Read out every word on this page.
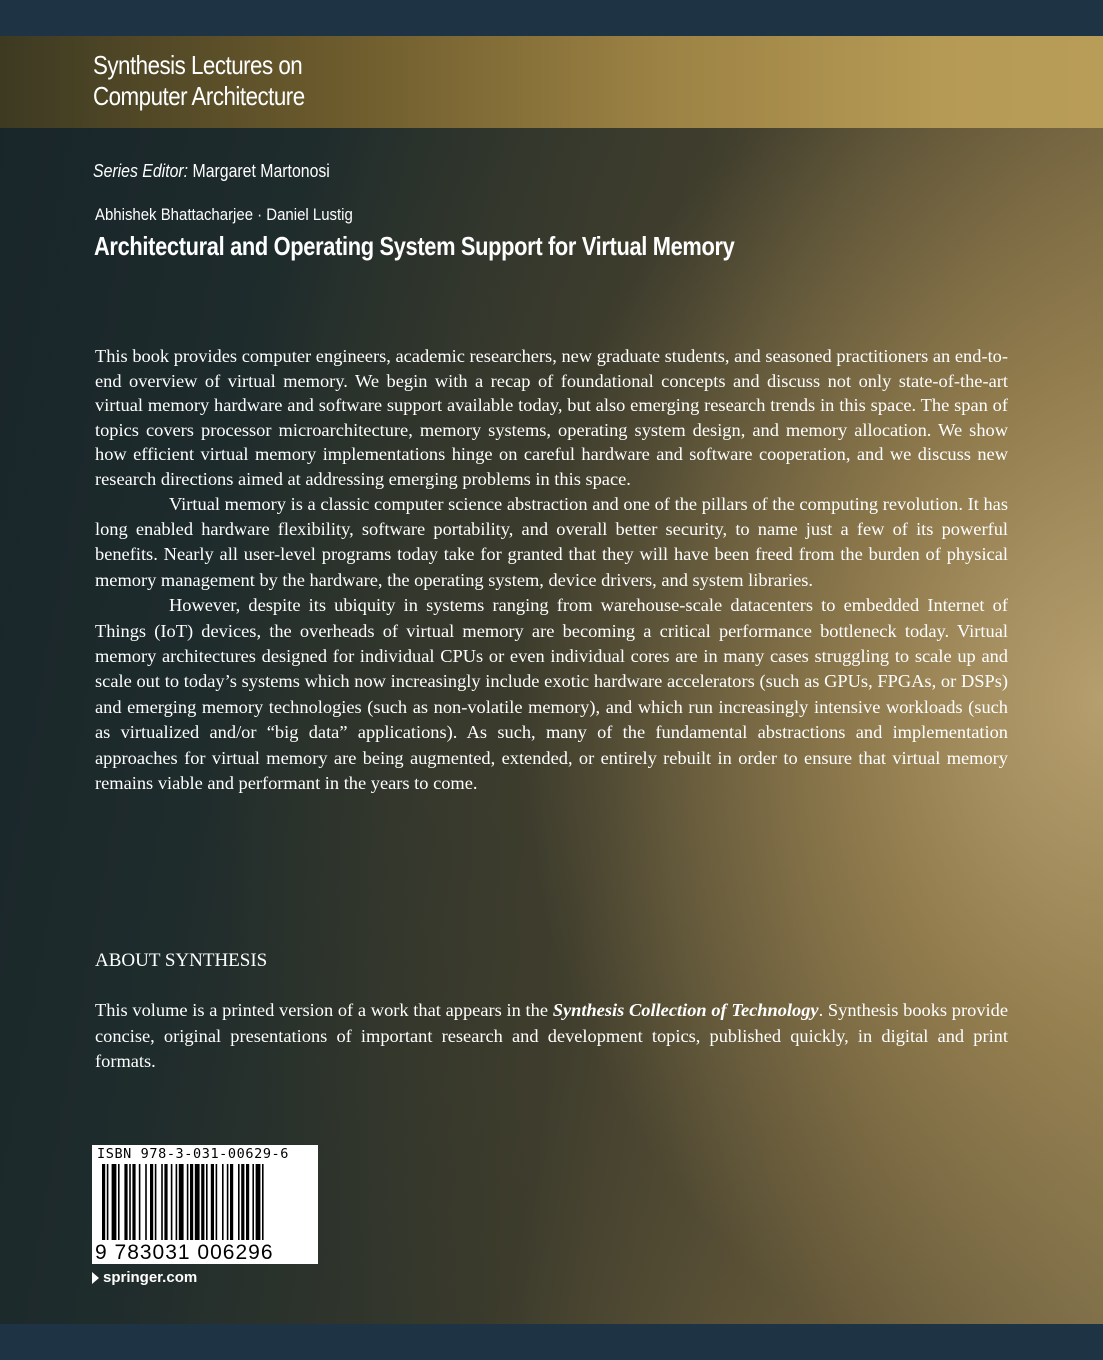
Synthesis Lectures on
Computer Architecture
Series Editor: Margaret Martonosi
Abhishek Bhattacharjee · Daniel Lustig
Architectural and Operating System Support for Virtual Memory

This book provides computer engineers, academic researchers, new graduate students, and seasoned practitioners an end-to-end overview of virtual memory. We begin with a recap of foundational concepts and discuss not only state-of-the-art virtual memory hardware and software support available today, but also emerging research trends in this space. The span of topics covers processor microarchitecture, memory systems, operating system design, and memory allocation. We show how efficient virtual memory implementations hinge on careful hardware and software cooperation, and we discuss new research directions aimed at addressing emerging problems in this space.

Virtual memory is a classic computer science abstraction and one of the pillars of the computing revolution. It has long enabled hardware flexibility, software portability, and overall better security, to name just a few of its powerful benefits. Nearly all user-level programs today take for granted that they will have been freed from the burden of physical memory management by the hardware, the operating system, device drivers, and system libraries.

However, despite its ubiquity in systems ranging from warehouse-scale datacenters to embedded Internet of Things (IoT) devices, the overheads of virtual memory are becoming a critical performance bottleneck today. Virtual memory architectures designed for individual CPUs or even individual cores are in many cases struggling to scale up and scale out to today’s systems which now increasingly include exotic hardware accelerators (such as GPUs, FPGAs, or DSPs) and emerging memory technologies (such as non-volatile memory), and which run increasingly intensive workloads (such as virtualized and/or “big data” applications). As such, many of the fundamental abstractions and implementation approaches for virtual memory are being augmented, extended, or entirely rebuilt in order to ensure that virtual memory remains viable and performant in the years to come.

ABOUT SYNTHESIS

This volume is a printed version of a work that appears in the Synthesis Collection of Technology. Synthesis books provide concise, original presentations of important research and development topics, published quickly, in digital and print formats.

ISBN 978-3-031-00629-6
9 783031 006296
springer.com
